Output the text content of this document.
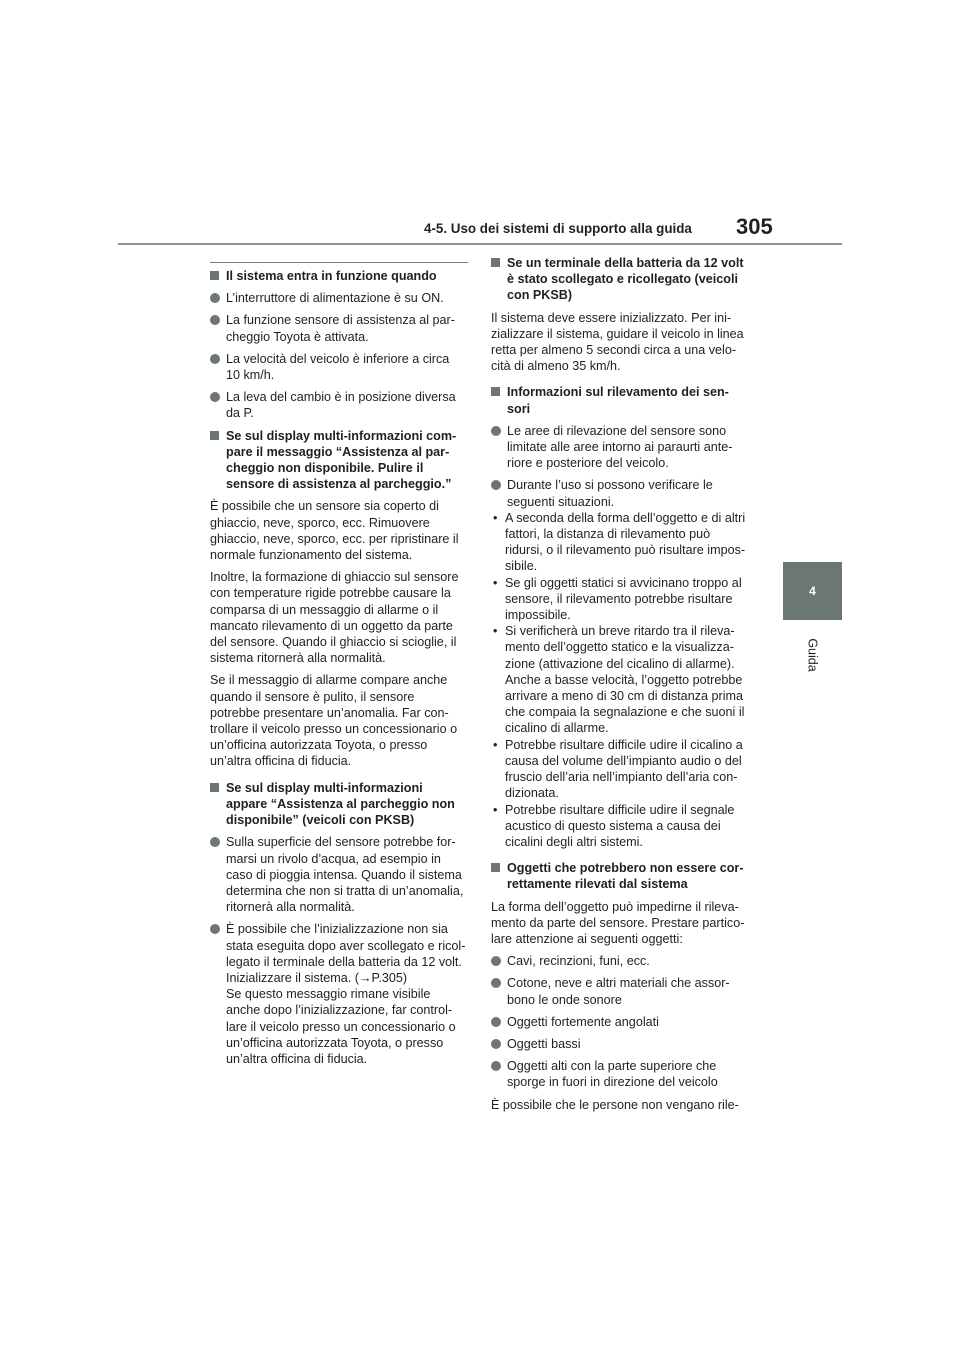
4-5. Uso dei sistemi di supporto alla guida 305
4
Guida
Il sistema entra in funzione quando
L’interruttore di alimentazione è su ON.
La funzione sensore di assistenza al par-
cheggio Toyota è attivata.
La velocità del veicolo è inferiore a circa
10 km/h.
La leva del cambio è in posizione diversa
da P.
Se sul display multi-informazioni com-
pare il messaggio “Assistenza al par-
cheggio non disponibile. Pulire il
sensore di assistenza al parcheggio.”
È possibile che un sensore sia coperto di
ghiaccio, neve, sporco, ecc. Rimuovere
ghiaccio, neve, sporco, ecc. per ripristinare il
normale funzionamento del sistema.
Inoltre, la formazione di ghiaccio sul sensore
con temperature rigide potrebbe causare la
comparsa di un messaggio di allarme o il
mancato rilevamento di un oggetto da parte
del sensore. Quando il ghiaccio si scioglie, il
sistema ritornerà alla normalità.
Se il messaggio di allarme compare anche
quando il sensore è pulito, il sensore
potrebbe presentare un’anomalia. Far con-
trollare il veicolo presso un concessionario o
un’officina autorizzata Toyota, o presso
un’altra officina di fiducia.
Se sul display multi-informazioni
appare “Assistenza al parcheggio non
disponibile” (veicoli con PKSB)
Sulla superficie del sensore potrebbe for-
marsi un rivolo d’acqua, ad esempio in
caso di pioggia intensa. Quando il sistema
determina che non si tratta di un’anomalia,
ritornerà alla normalità.
È possibile che l’inizializzazione non sia
stata eseguita dopo aver scollegato e ricol-
legato il terminale della batteria da 12 volt.
Inizializzare il sistema. (→P.305)
Se questo messaggio rimane visibile
anche dopo l’inizializzazione, far control-
lare il veicolo presso un concessionario o
un’officina autorizzata Toyota, o presso
un’altra officina di fiducia.
Se un terminale della batteria da 12 volt
è stato scollegato e ricollegato (veicoli
con PKSB)
Il sistema deve essere inizializzato. Per ini-
zializzare il sistema, guidare il veicolo in linea
retta per almeno 5 secondi circa a una velo-
cità di almeno 35 km/h.
Informazioni sul rilevamento dei sen-
sori
Le aree di rilevazione del sensore sono
limitate alle aree intorno ai paraurti ante-
riore e posteriore del veicolo.
Durante l’uso si possono verificare le
seguenti situazioni.
• A seconda della forma dell’oggetto e di altri
fattori, la distanza di rilevamento può
ridursi, o il rilevamento può risultare impos-
sibile.
• Se gli oggetti statici si avvicinano troppo al
sensore, il rilevamento potrebbe risultare
impossibile.
• Si verificherà un breve ritardo tra il rileva-
mento dell’oggetto statico e la visualizza-
zione (attivazione del cicalino di allarme).
Anche a basse velocità, l’oggetto potrebbe
arrivare a meno di 30 cm di distanza prima
che compaia la segnalazione e che suoni il
cicalino di allarme.
• Potrebbe risultare difficile udire il cicalino a
causa del volume dell’impianto audio o del
fruscio dell’aria nell’impianto dell’aria con-
dizionata.
• Potrebbe risultare difficile udire il segnale
acustico di questo sistema a causa dei
cicalini degli altri sistemi.
Oggetti che potrebbero non essere cor-
rettamente rilevati dal sistema
La forma dell’oggetto può impedirne il rileva-
mento da parte del sensore. Prestare partico-
lare attenzione ai seguenti oggetti:
Cavi, recinzioni, funi, ecc.
Cotone, neve e altri materiali che assor-
bono le onde sonore
Oggetti fortemente angolati
Oggetti bassi
Oggetti alti con la parte superiore che
sporge in fuori in direzione del veicolo
È possibile che le persone non vengano rile-
